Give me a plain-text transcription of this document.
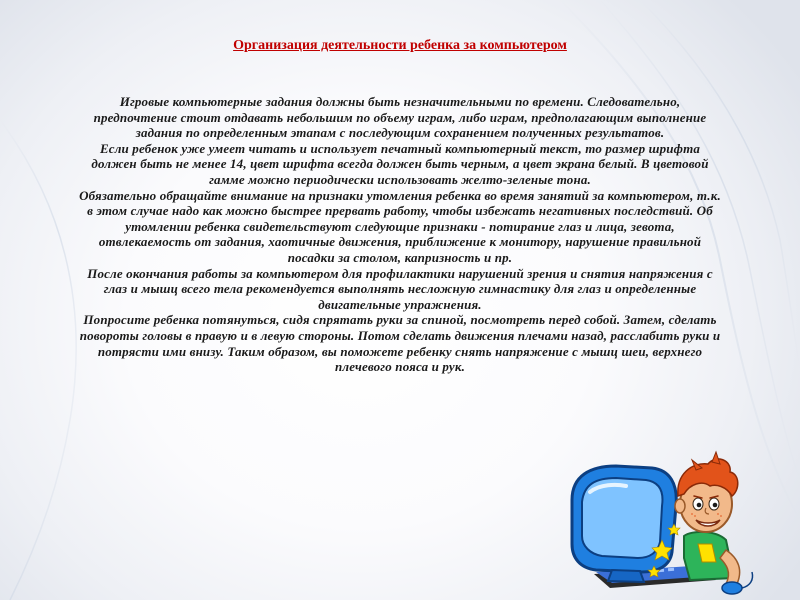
Организация деятельности ребенка за компьютером

Игровые компьютерные задания должны быть незначительными по времени. Следовательно, предпочтение стоит отдавать небольшим по объему играм, либо играм, предполагающим выполнение задания по определенным этапам с последующим сохранением полученных результатов.

Если ребенок уже умеет читать и использует печатный компьютерный текст, то размер шрифта должен быть не менее 14, цвет шрифта всегда должен быть черным, а цвет экрана белый. В цветовой гамме можно периодически использовать желто-зеленые тона.

Обязательно обращайте внимание на признаки утомления ребенка во время занятий за компьютером, т.к. в этом случае надо как можно быстрее прервать работу, чтобы избежать негативных последствий. Об утомлении ребенка свидетельствуют следующие признаки - потирание глаз и лица, зевота, отвлекаемость от задания, хаотичные движения, приближение к монитору, нарушение правильной посадки за столом, капризность и пр.

После окончания работы за компьютером для профилактики нарушений зрения и снятия напряжения с глаз и мышц всего тела рекомендуется выполнять несложную гимнастику для глаз и определенные двигательные упражнения.

Попросите ребенка потянуться, сидя спрятать руки за спиной, посмотреть перед собой. Затем, сделать повороты головы в правую и в левую стороны. Потом сделать движения плечами назад, расслабить руки и потрясти ими внизу. Таким образом, вы поможете ребенку снять напряжение с мышц шеи, верхнего плечевого пояса и рук.
